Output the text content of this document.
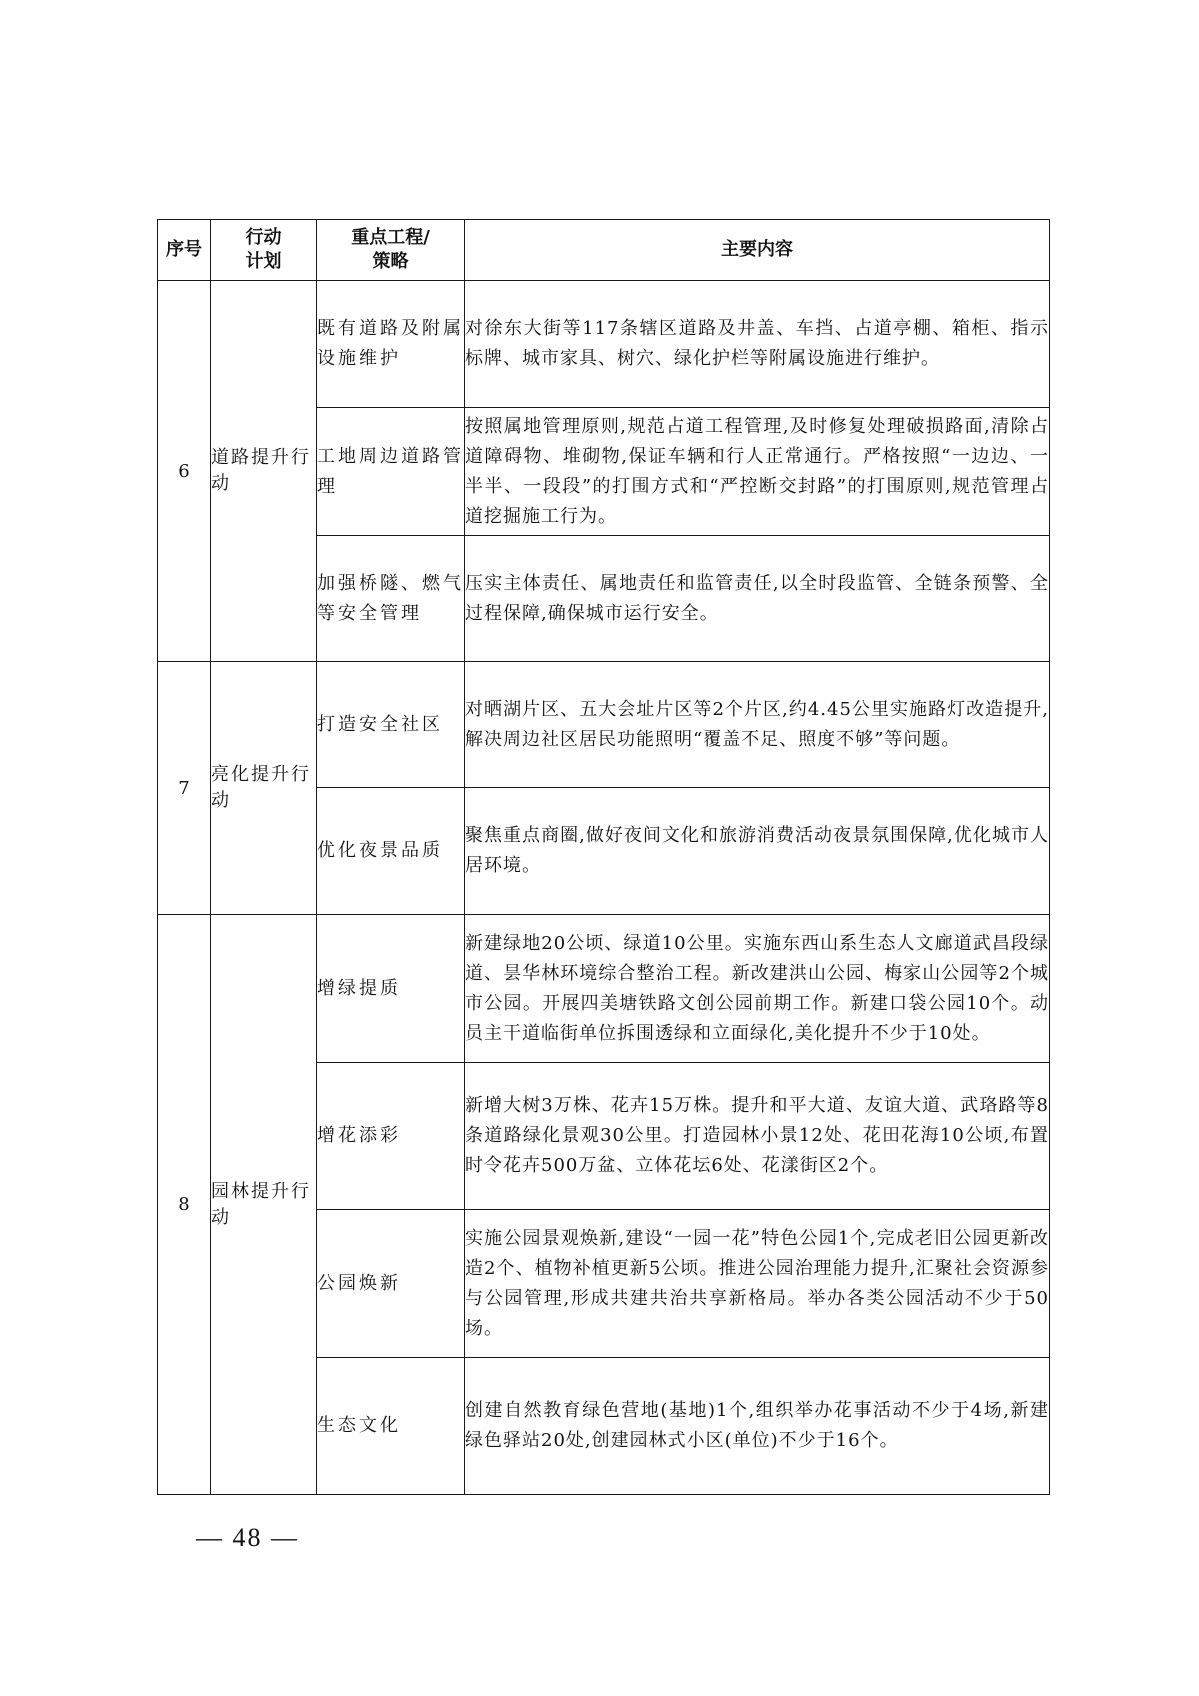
序号	行动计划	重点工程/策略	主要内容
6	道路提升行动	既有道路及附属设施维护	对徐东大街等117条辖区道路及井盖、车挡、占道亭棚、箱柜、指示标牌、城市家具、树穴、绿化护栏等附属设施进行维护。
		工地周边道路管理	按照属地管理原则,规范占道工程管理,及时修复处理破损路面,清除占道障碍物、堆砌物,保证车辆和行人正常通行。严格按照“一边边、一半半、一段段”的打围方式和“严控断交封路”的打围原则,规范管理占道挖掘施工行为。
		加强桥隧、燃气等安全管理	压实主体责任、属地责任和监管责任,以全时段监管、全链条预警、全过程保障,确保城市运行安全。
7	亮化提升行动	打造安全社区	对晒湖片区、五大会址片区等2个片区,约4.45公里实施路灯改造提升,解决周边社区居民功能照明“覆盖不足、照度不够”等问题。
		优化夜景品质	聚焦重点商圈,做好夜间文化和旅游消费活动夜景氛围保障,优化城市人居环境。
8	园林提升行动	增绿提质	新建绿地20公顷、绿道10公里。实施东西山系生态人文廊道武昌段绿道、昙华林环境综合整治工程。新改建洪山公园、梅家山公园等2个城市公园。开展四美塘铁路文创公园前期工作。新建口袋公园10个。动员主干道临街单位拆围透绿和立面绿化,美化提升不少于10处。
		增花添彩	新增大树3万株、花卉15万株。提升和平大道、友谊大道、武珞路等8条道路绿化景观30公里。打造园林小景12处、花田花海10公顷,布置时令花卉500万盆、立体花坛6处、花漾街区2个。
		公园焕新	实施公园景观焕新,建设“一园一花”特色公园1个,完成老旧公园更新改造2个、植物补植更新5公顷。推进公园治理能力提升,汇聚社会资源参与公园管理,形成共建共治共享新格局。举办各类公园活动不少于50场。
		生态文化	创建自然教育绿色营地(基地)1个,组织举办花事活动不少于4场,新建绿色驿站20处,创建园林式小区(单位)不少于16个。
— 48 —
